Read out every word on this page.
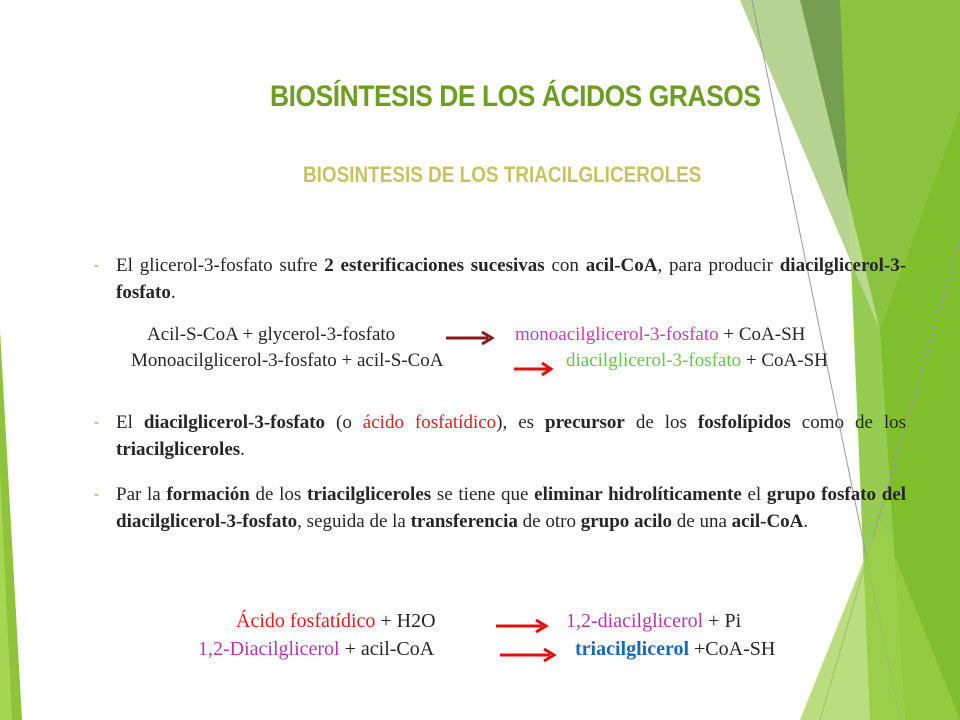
BIOSÍNTESIS DE LOS ÁCIDOS GRASOS
BIOSINTESIS DE LOS TRIACILGLICEROLES
- El glicerol-3-fosfato sufre 2 esterificaciones sucesivas con acil-CoA, para producir diacilglicerol-3-fosfato.
Acil-S-CoA + glycerol-3-fosfato	monoacilglicerol-3-fosfato + CoA-SH
Monoacilglicerol-3-fosfato + acil-S-CoA	diacilglicerol-3-fosfato + CoA-SH
- El diacilglicerol-3-fosfato (o ácido fosfatídico), es precursor de los fosfolípidos como de los triacilgliceroles.
- Par la formación de los triacilgliceroles se tiene que eliminar hidrolíticamente el grupo fosfato del diacilglicerol-3-fosfato, seguida de la transferencia de otro grupo acilo de una acil-CoA.
Ácido fosfatídico + H2O	1,2-diacilglicerol + Pi
1,2-Diacilglicerol + acil-CoA	triacilglicerol +CoA-SH
